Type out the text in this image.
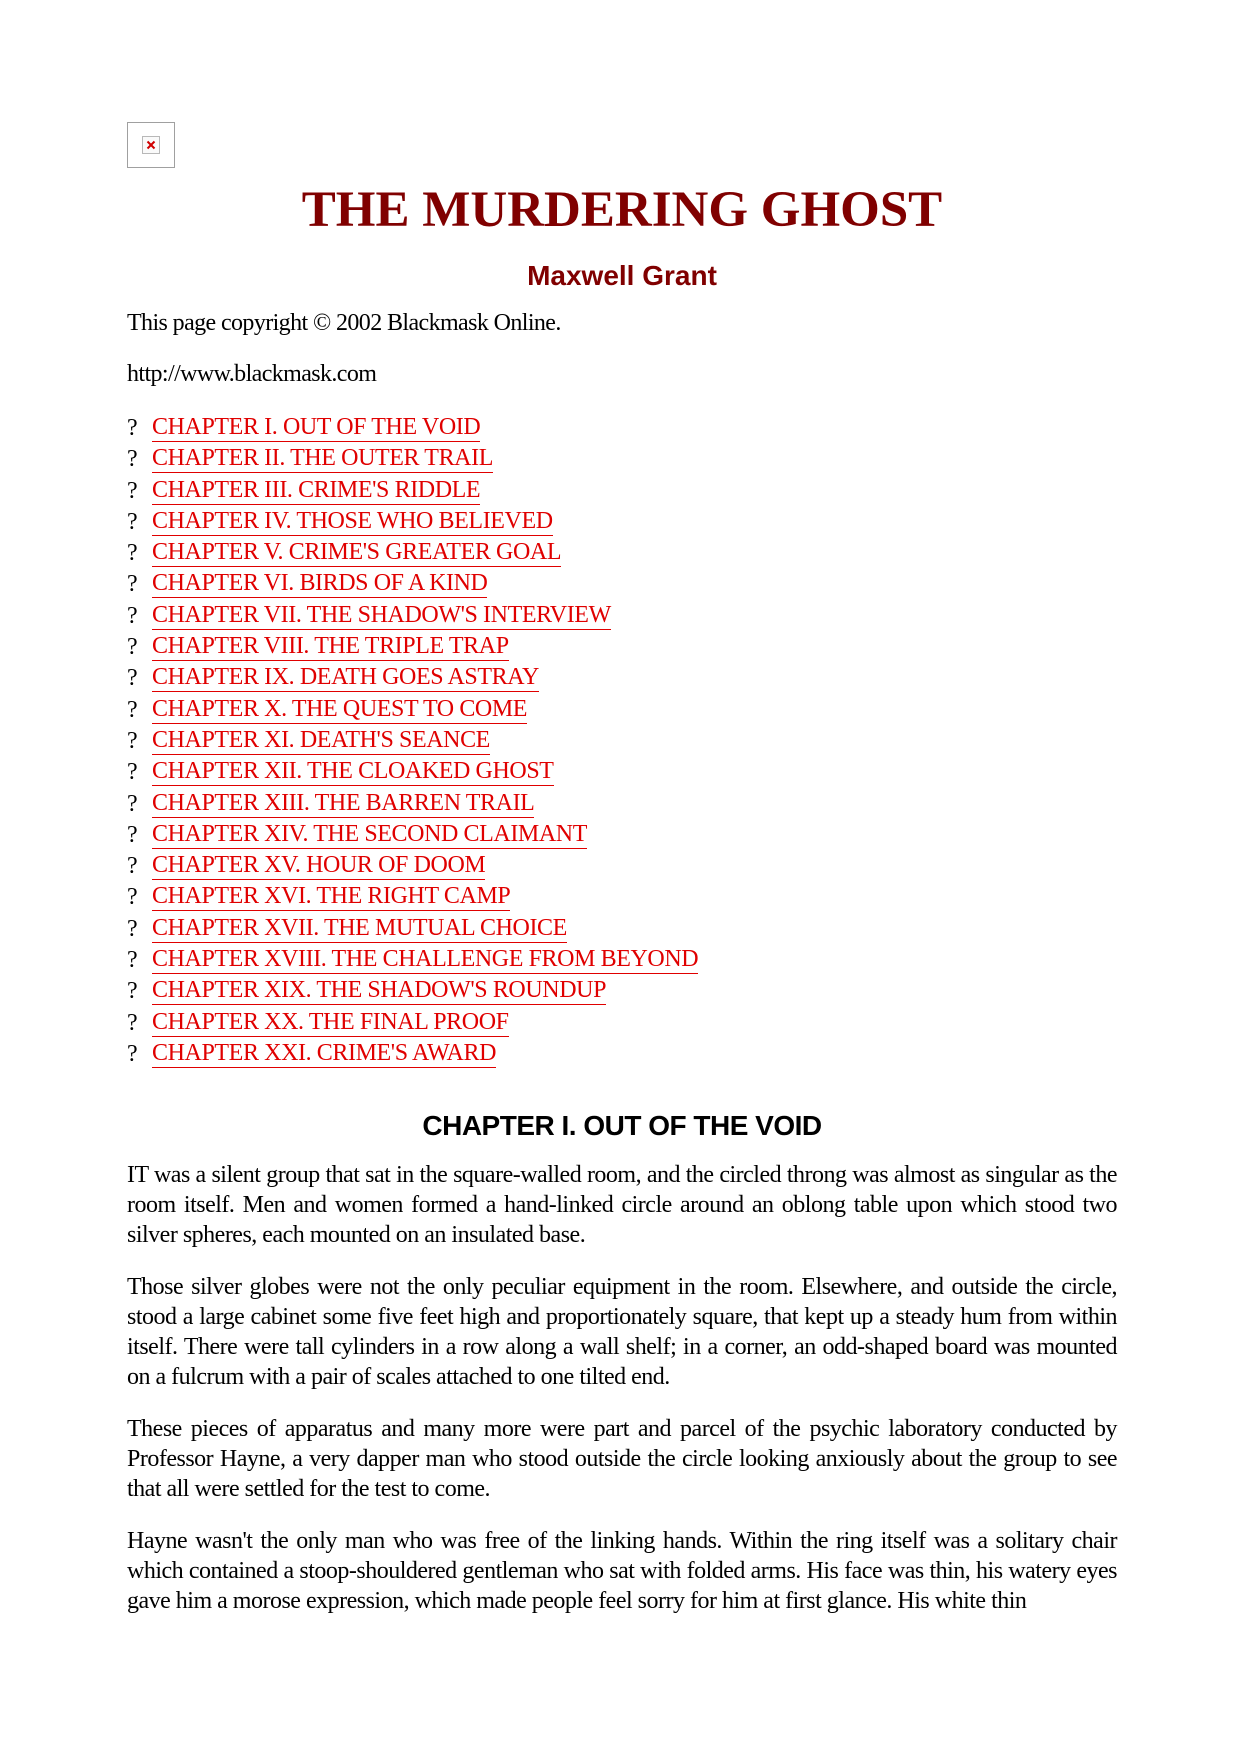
THE MURDERING GHOST
Maxwell Grant
This page copyright © 2002 Blackmask Online.
http://www.blackmask.com
? CHAPTER I. OUT OF THE VOID
? CHAPTER II. THE OUTER TRAIL
? CHAPTER III. CRIME'S RIDDLE
? CHAPTER IV. THOSE WHO BELIEVED
? CHAPTER V. CRIME'S GREATER GOAL
? CHAPTER VI. BIRDS OF A KIND
? CHAPTER VII. THE SHADOW'S INTERVIEW
? CHAPTER VIII. THE TRIPLE TRAP
? CHAPTER IX. DEATH GOES ASTRAY
? CHAPTER X. THE QUEST TO COME
? CHAPTER XI. DEATH'S SEANCE
? CHAPTER XII. THE CLOAKED GHOST
? CHAPTER XIII. THE BARREN TRAIL
? CHAPTER XIV. THE SECOND CLAIMANT
? CHAPTER XV. HOUR OF DOOM
? CHAPTER XVI. THE RIGHT CAMP
? CHAPTER XVII. THE MUTUAL CHOICE
? CHAPTER XVIII. THE CHALLENGE FROM BEYOND
? CHAPTER XIX. THE SHADOW'S ROUNDUP
? CHAPTER XX. THE FINAL PROOF
? CHAPTER XXI. CRIME'S AWARD
CHAPTER I. OUT OF THE VOID

IT was a silent group that sat in the square-walled room, and the circled throng was almost as singular as the room itself. Men and women formed a hand-linked circle around an oblong table upon which stood two silver spheres, each mounted on an insulated base.

Those silver globes were not the only peculiar equipment in the room. Elsewhere, and outside the circle, stood a large cabinet some five feet high and proportionately square, that kept up a steady hum from within itself. There were tall cylinders in a row along a wall shelf; in a corner, an odd-shaped board was mounted on a fulcrum with a pair of scales attached to one tilted end.

These pieces of apparatus and many more were part and parcel of the psychic laboratory conducted by Professor Hayne, a very dapper man who stood outside the circle looking anxiously about the group to see that all were settled for the test to come.

Hayne wasn't the only man who was free of the linking hands. Within the ring itself was a solitary chair which contained a stoop-shouldered gentleman who sat with folded arms. His face was thin, his watery eyes gave him a morose expression, which made people feel sorry for him at first glance. His white thin
